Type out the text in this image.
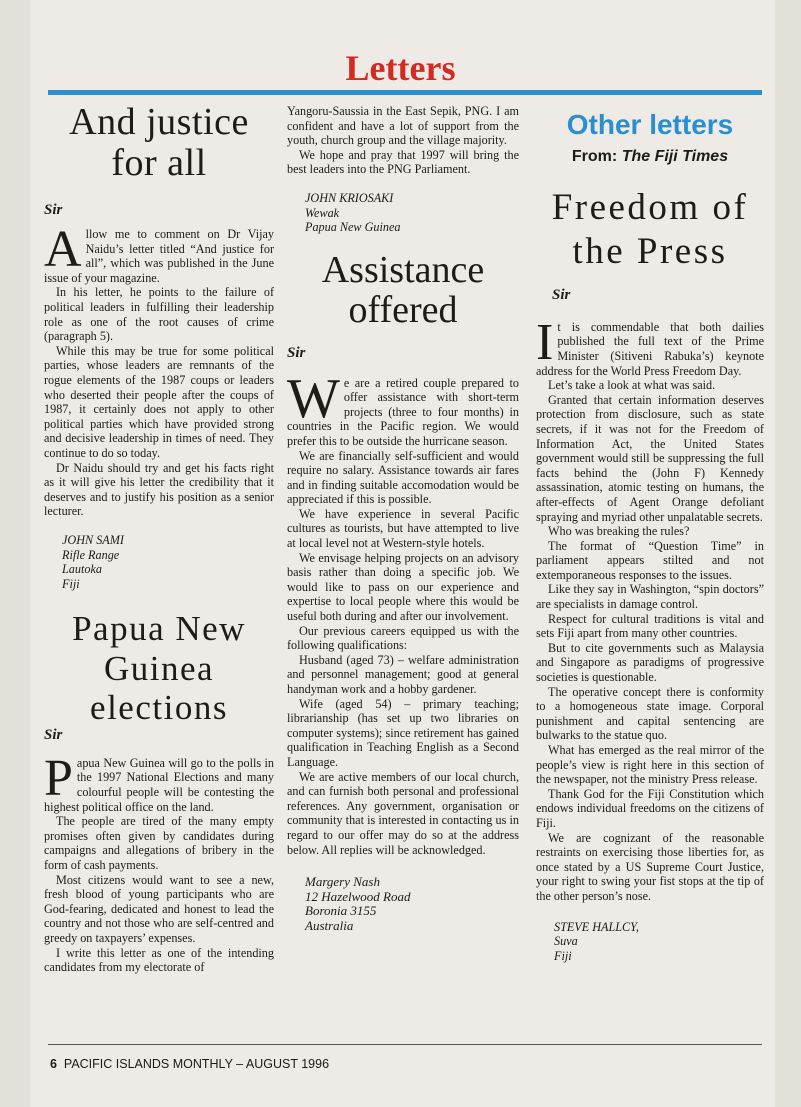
Letters
And justice for all
Sir

Allow me to comment on Dr Vijay Naidu’s letter titled “And justice for all”, which was published in the June issue of your magazine.

In his letter, he points to the failure of political leaders in fulfilling their leadership role as one of the root causes of crime (paragraph 5).

While this may be true for some political parties, whose leaders are remnants of the rogue elements of the 1987 coups or leaders who deserted their people after the coups of 1987, it certainly does not apply to other political parties which have provided strong and decisive leadership in times of need. They continue to do so today.

Dr Naidu should try and get his facts right as it will give his letter the credibility that it deserves and to justify his position as a senior lecturer.

JOHN SAMI
Rifle Range
Lautoka
Fiji
Papua New
Guinea
elections
Sir

Papua New Guinea will go to the polls in the 1997 National Elections and many colourful people will be contesting the highest political office on the land.

The people are tired of the many empty promises often given by candidates during campaigns and allegations of bribery in the form of cash payments.

Most citizens would want to see a new, fresh blood of young participants who are God-fearing, dedicated and honest to lead the country and not those who are self-centred and greedy on taxpayers’ expenses.

I write this letter as one of the intending candidates from my electorate of

Yangoru-Saussia in the East Sepik, PNG. I am confident and have a lot of support from the youth, church group and the village majority.

We hope and pray that 1997 will bring the best leaders into the PNG Parliament.

JOHN KRIOSAKI
Wewak
Papua New Guinea
Assistance
offered
Sir

We are a retired couple prepared to offer assistance with short-term projects (three to four months) in countries in the Pacific region. We would prefer this to be outside the hurricane season.

We are financially self-sufficient and would require no salary. Assistance towards air fares and in finding suitable accomodation would be appreciated if this is possible.

We have experience in several Pacific cultures as tourists, but have attempted to live at local level not at Western-style hotels.

We envisage helping projects on an advisory basis rather than doing a specific job. We would like to pass on our experience and expertise to local people where this would be useful both during and after our involvement.

Our previous careers equipped us with the following qualifications:

Husband (aged 73) – welfare administration and personnel management; good at general handyman work and a hobby gardener.

Wife (aged 54) – primary teaching; librarianship (has set up two libraries on computer systems); since retirement has gained qualification in Teaching English as a Second Language.

We are active members of our local church, and can furnish both personal and professional references. Any government, organisation or community that is interested in contacting us in regard to our offer may do so at the address below. All replies will be acknowledged.

Margery Nash
12 Hazelwood Road
Boronia 3155
Australia
Other letters
From: The Fiji Times
Freedom of
the Press
Sir

It is commendable that both dailies published the full text of the Prime Minister (Sitiveni Rabuka’s) keynote address for the World Press Freedom Day.

Let’s take a look at what was said.

Granted that certain information deserves protection from disclosure, such as state secrets, if it was not for the Freedom of Information Act, the United States government would still be suppressing the full facts behind the (John F) Kennedy assassination, atomic testing on humans, the after-effects of Agent Orange defoliant spraying and myriad other unpalatable secrets.

Who was breaking the rules?

The format of “Question Time” in parliament appears stilted and not extemporaneous responses to the issues.

Like they say in Washington, “spin doctors” are specialists in damage control.

Respect for cultural traditions is vital and sets Fiji apart from many other countries.

But to cite governments such as Malaysia and Singapore as paradigms of progressive societies is questionable.

The operative concept there is conformity to a homogeneous state image. Corporal punishment and capital sentencing are bulwarks to the statue quo.

What has emerged as the real mirror of the people’s view is right here in this section of the newspaper, not the ministry Press release.

Thank God for the Fiji Constitution which endows individual freedoms on the citizens of Fiji.

We are cognizant of the reasonable restraints on exercising those liberties for, as once stated by a US Supreme Court Justice, your right to swing your fist stops at the tip of the other person’s nose.

STEVE HALLCY,
Suva
Fiji
6 PACIFIC ISLANDS MONTHLY – AUGUST 1996
